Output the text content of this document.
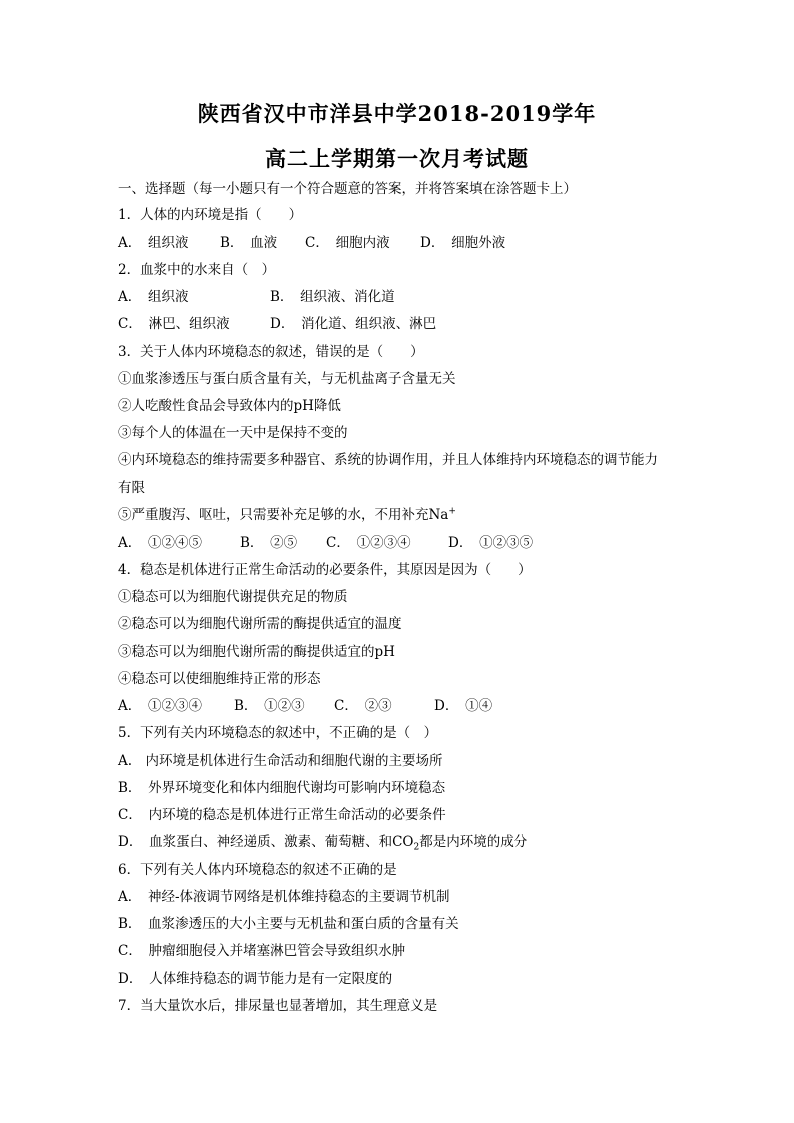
陕西省汉中市洋县中学2018-2019学年
高二上学期第一次月考试题
一、选择题（每一小题只有一个符合题意的答案，并将答案填在涂答题卡上）
1．人体的内环境是指（　　）
A．　组织液 B．　血液 C．　细胞内液 D．　细胞外液
2．血浆中的水来自（　）
A．　组织液	B．　组织液、消化道
C．　淋巴、组织液	D．　消化道、组织液、淋巴
3．关于人体内环境稳态的叙述，错误的是（　　）
①血浆渗透压与蛋白质含量有关，与无机盐离子含量无关
②人吃酸性食品会导致体内的pH降低
③每个人的体温在一天中是保持不变的
④内环境稳态的维持需要多种器官、系统的协调作用，并且人体维持内环境稳态的调节能力
有限
⑤严重腹泻、呕吐，只需要补充足够的水，不用补充Na+
A．　①②④⑤	B．　②⑤ C．　①②③④	D．　①②③⑤
4．稳态是机体进行正常生命活动的必要条件，其原因是因为（　　）
①稳态可以为细胞代谢提供充足的物质
②稳态可以为细胞代谢所需的酶提供适宜的温度
③稳态可以为细胞代谢所需的酶提供适宜的pH
④稳态可以使细胞维持正常的形态
A．　①②③④ B．　①②③ C．　②③	D．　①④
5．下列有关内环境稳态的叙述中，不正确的是（　）
A.　内环境是机体进行生命活动和细胞代谢的主要场所
B．　外界环境变化和体内细胞代谢均可影响内环境稳态
C．　内环境的稳态是机体进行正常生命活动的必要条件
D．　血浆蛋白、神经递质、激素、葡萄糖、和$CO_2$都是内环境的成分
6．下列有关人体内环境稳态的叙述不正确的是
A．　神经-体液调节网络是机体维持稳态的主要调节机制
B．　血浆渗透压的大小主要与无机盐和蛋白质的含量有关
C．　肿瘤细胞侵入并堵塞淋巴管会导致组织水肿
D．　人体维持稳态的调节能力是有一定限度的
7．当大量饮水后，排尿量也显著增加，其生理意义是
